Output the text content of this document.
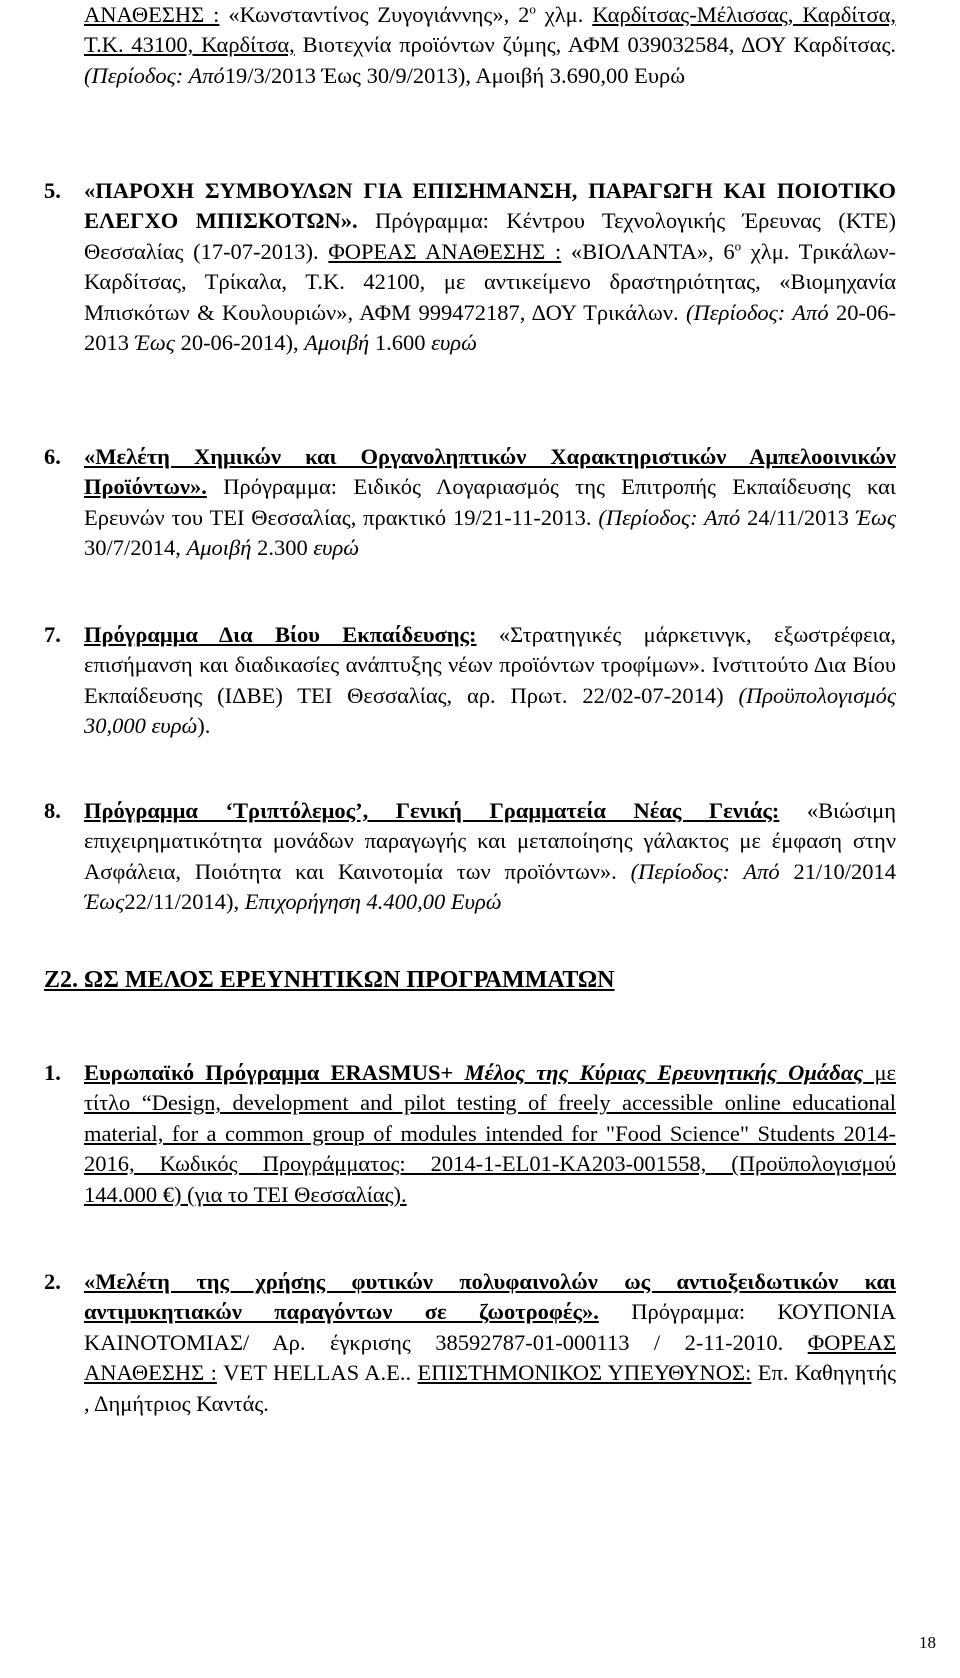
ΑΝΑΘΕΣΗΣ : «Κωνσταντίνος Ζυγογιάννης», $2^o$ χλμ. Καρδίτσας-Μέλισσας, Καρδίτσα, Τ.Κ. 43100, Καρδίτσα, Βιοτεχνία προϊόντων ζύμης, ΑΦΜ 039032584, ΔΟΥ Καρδίτσας. (Περίοδος: Από19/3/2013 Έως 30/9/2013), Αμοιβή 3.690,00 Ευρώ

5. «ΠΑΡΟΧΗ ΣΥΜΒΟΥΛΩΝ ΓΙΑ ΕΠΙΣΗΜΑΝΣΗ, ΠΑΡΑΓΩΓΗ ΚΑΙ ΠΟΙΟΤΙΚΟ ΕΛΕΓΧΟ ΜΠΙΣΚΟΤΩΝ». Πρόγραμμα: Κέντρου Τεχνολογικής Έρευνας (ΚΤΕ) Θεσσαλίας (17-07-2013). ΦΟΡΕΑΣ ΑΝΑΘΕΣΗΣ : «ΒΙΟΛΑΝΤΑ», $6^o$ χλμ. Τρικάλων-Καρδίτσας, Τρίκαλα, Τ.Κ. 42100, με αντικείμενο δραστηριότητας, «Βιομηχανία Μπισκότων & Κουλουριών», ΑΦΜ 999472187, ΔΟΥ Τρικάλων. (Περίοδος: Από 20-06-2013 Έως 20-06-2014), Αμοιβή 1.600 ευρώ

6. «Μελέτη Χημικών και Οργανοληπτικών Χαρακτηριστικών Αμπελοοινικών Προϊόντων». Πρόγραμμα: Ειδικός Λογαριασμός της Επιτροπής Εκπαίδευσης και Ερευνών του ΤΕΙ Θεσσαλίας, πρακτικό 19/21-11-2013. (Περίοδος: Από 24/11/2013 Έως 30/7/2014, Αμοιβή 2.300 ευρώ

7. Πρόγραμμα Δια Βίου Εκπαίδευσης: «Στρατηγικές μάρκετινγκ, εξωστρέφεια, επισήμανση και διαδικασίες ανάπτυξης νέων προϊόντων τροφίμων». Ινστιτούτο Δια Βίου Εκπαίδευσης (ΙΔΒΕ) ΤΕΙ Θεσσαλίας, αρ. Πρωτ. 22/02-07-2014) (Προϋπολογισμός 30,000 ευρώ).

8. Πρόγραμμα ‘Τριπτόλεμος’, Γενική Γραμματεία Νέας Γενιάς: «Βιώσιμη επιχειρηματικότητα μονάδων παραγωγής και μεταποίησης γάλακτος με έμφαση στην Ασφάλεια, Ποιότητα και Καινοτομία των προϊόντων». (Περίοδος: Από 21/10/2014 Έως22/11/2014), Επιχορήγηση 4.400,00 Ευρώ

Ζ2. ΩΣ ΜΕΛΟΣ ΕΡΕΥΝΗΤΙΚΩΝ ΠΡΟΓΡΑΜΜΑΤΩΝ
1. Ευρωπαϊκό Πρόγραμμα ERASMUS+ Μέλος της Κύριας Ερευνητικής Ομάδας με τίτλο “Design, development and pilot testing of freely accessible online educational material, for a common group of modules intended for "Food Science" Students 2014-2016, Κωδικός Προγράμματος: 2014-1-EL01-KA203-001558, (Προϋπολογισμού 144.000 €) (για το ΤΕΙ Θεσσαλίας).

2. «Μελέτη της χρήσης φυτικών πολυφαινολών ως αντιοξειδωτικών και αντιμυκητιακών παραγόντων σε ζωοτροφές». Πρόγραμμα: ΚΟΥΠΟΝΙΑ ΚΑΙΝΟΤΟΜΙΑΣ/ Αρ. έγκρισης 38592787-01-000113 / 2-11-2010. ΦΟΡΕΑΣ ΑΝΑΘΕΣΗΣ : VET HELLAS A.E.. ΕΠΙΣΤΗΜΟΝΙΚΟΣ ΥΠΕΥΘΥΝΟΣ: Επ. Καθηγητής , Δημήτριος Καντάς.

18
